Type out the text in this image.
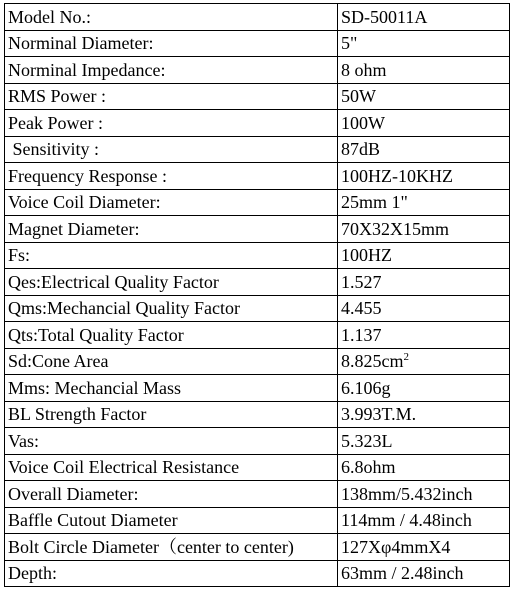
Model No.:	SD-50011A
Norminal Diameter:	5"
Norminal Impedance:	8 ohm
RMS Power :	50W
Peak Power :	100W
Sensitivity :	87dB
Frequency Response :	100HZ-10KHZ
Voice Coil Diameter:	25mm 1"
Magnet Diameter:	70X32X15mm
Fs:	100HZ
Qes:Electrical Quality Factor	1.527
Qms:Mechancial Quality Factor	4.455
Qts:Total Quality Factor	1.137
Sd:Cone Area	$8.825cm^2$
Mms: Mechancial Mass	6.106g
BL Strength Factor	3.993T.M.
Vas:	5.323L
Voice Coil Electrical Resistance	6.8ohm
Overall Diameter:	138mm/5.432inch
Baffle Cutout Diameter	114mm / 4.48inch
Bolt Circle Diameter（center to center)	127Xφ4mmX4
Depth:	63mm / 2.48inch
